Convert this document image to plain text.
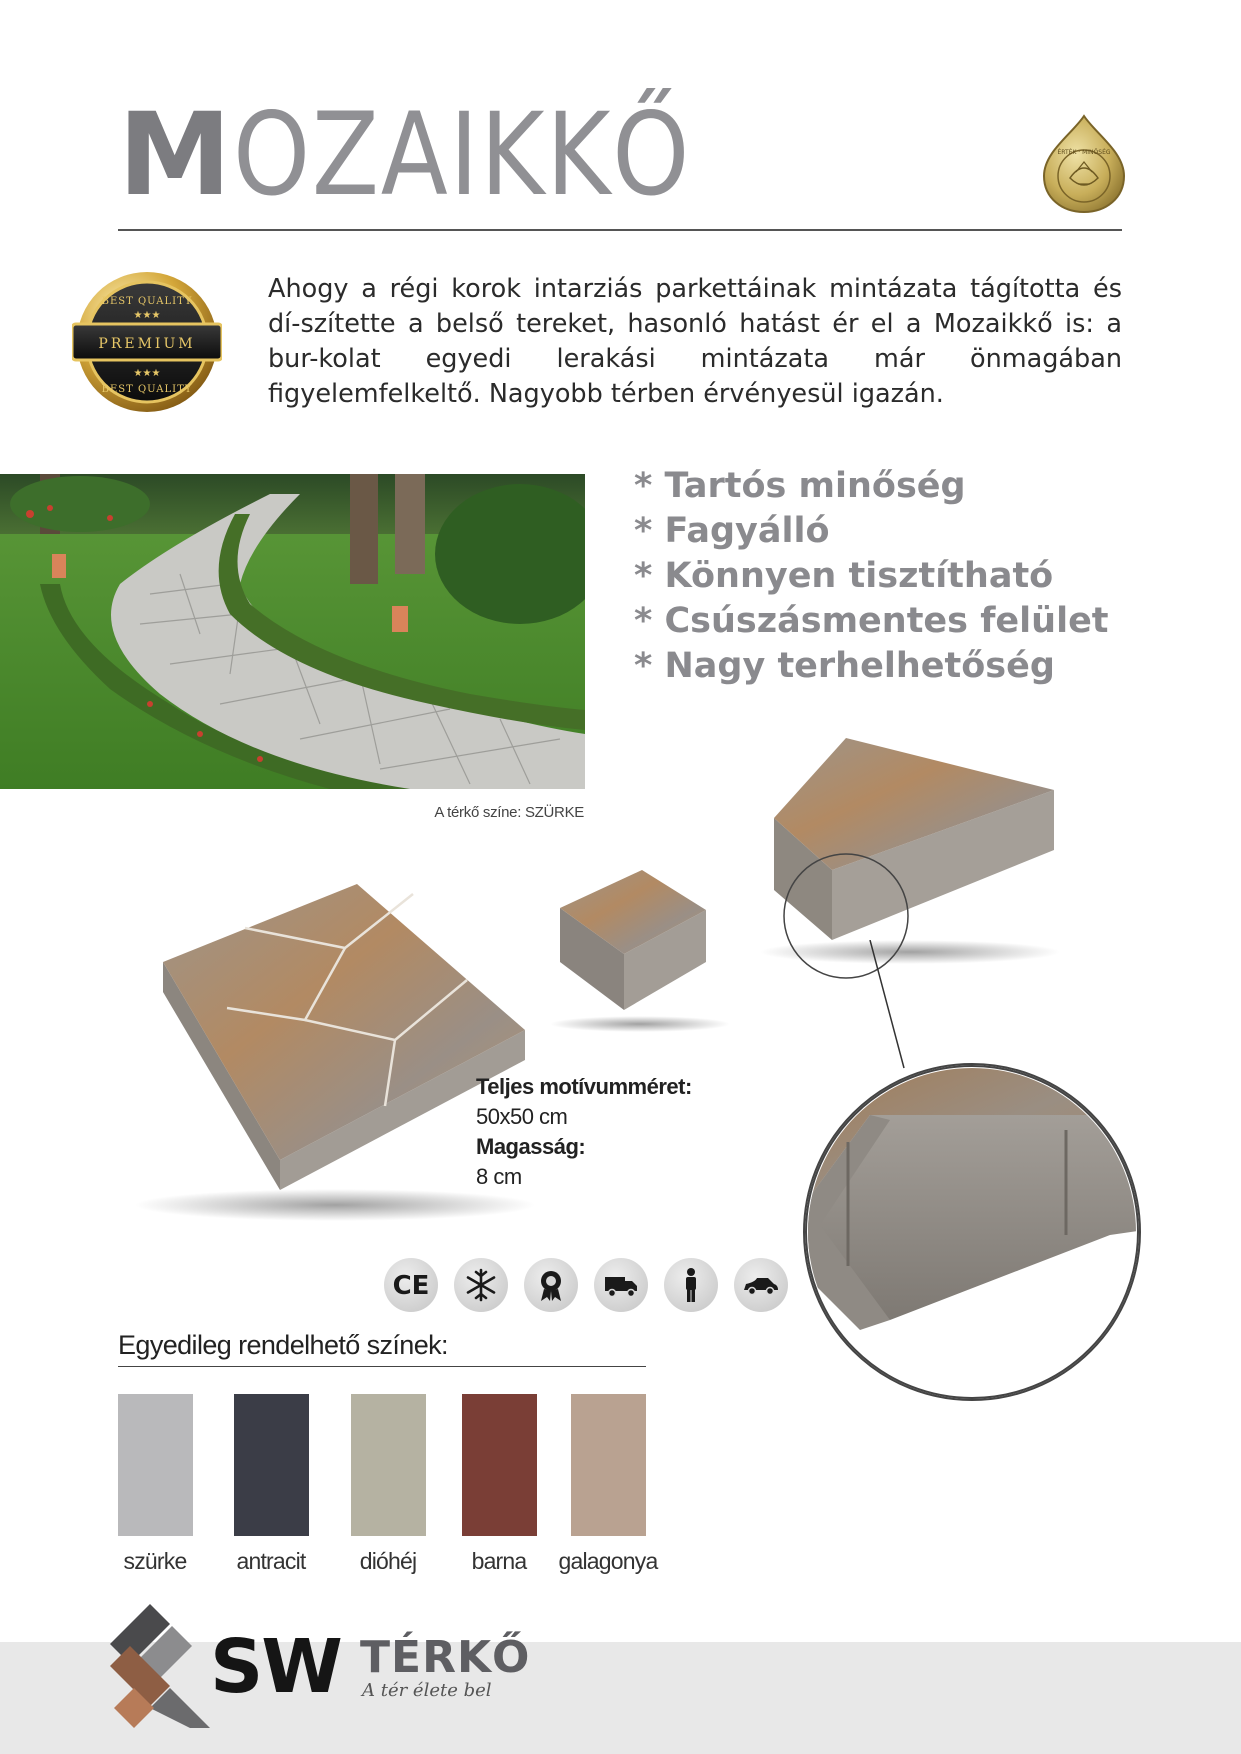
MOZAIKKŐ	ÉRTÉK · MINŐSÉG
PREMIUM
BEST QUALITY
★★★
★★★
BEST QUALITY
Ahogy a régi korok intarziás parkettáinak mintázata tágította és dí-szítette a belső tereket, hasonló hatást ér el a Mozaikkő is: a bur-kolat egyedi lerakási mintázata már önmagában figyelemfelkeltő. Nagyobb térben érvényesül igazán.
A térkő színe: SZÜRKE
* Tartós minőség
* Fagyálló
* Könnyen tisztítható
* Csúszásmentes felület
* Nagy terhelhetőség
Teljes motívumméret:
50x50 cm
Magasság:
8 cm
CE
Egyedileg rendelhető színek:
szürke	antracit	dióhéj	barna	galagonya
SW TÉRKŐ
A tér élete bel
